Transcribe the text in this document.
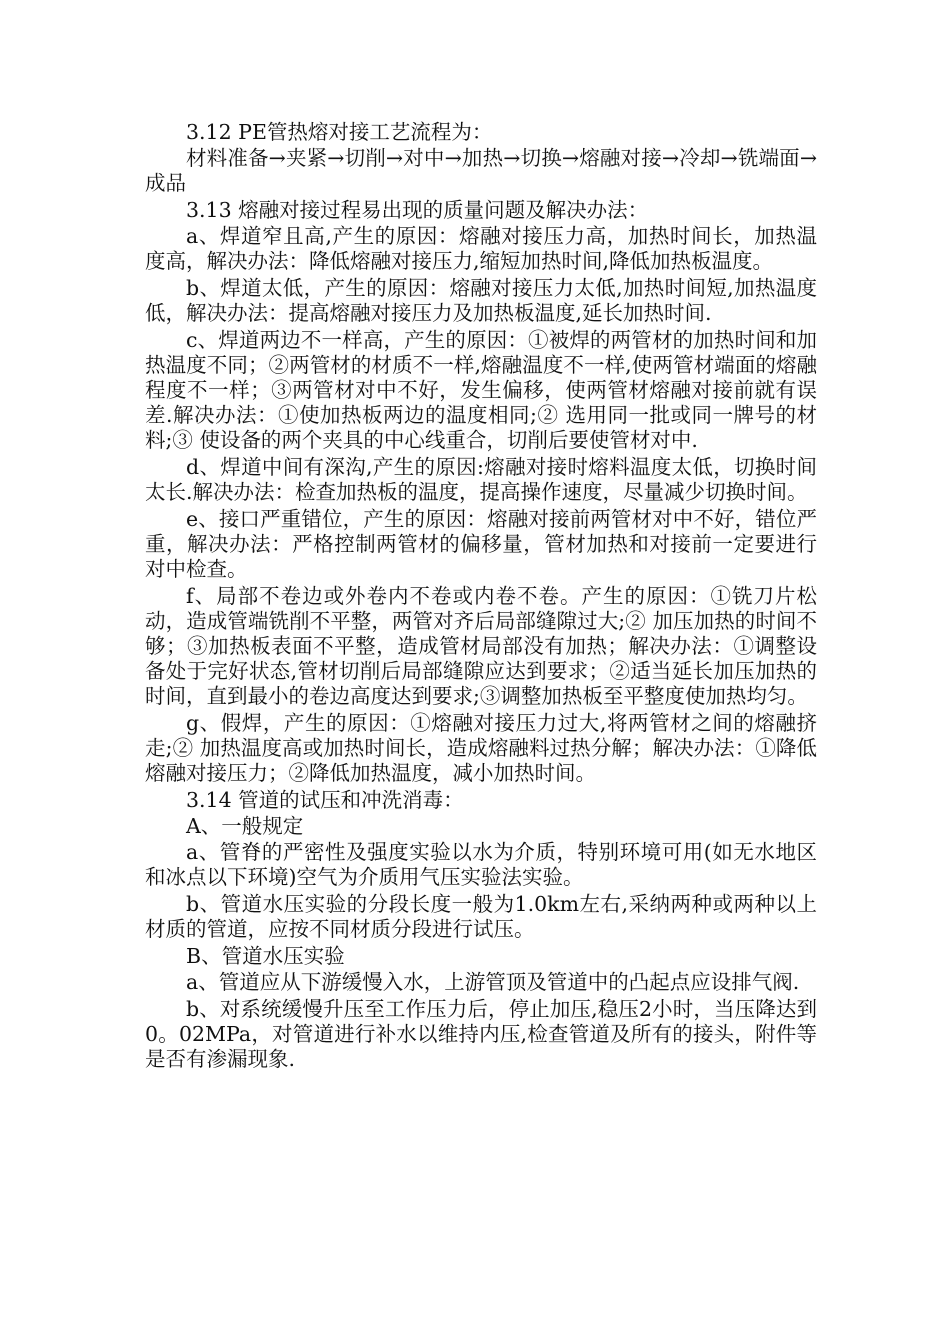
3.12 PE管热熔对接工艺流程为：

材料准备→夹紧→切削→对中→加热→切换→熔融对接→冷却→铣端面→成品

3.13 熔融对接过程易出现的质量问题及解决办法：

a、焊道窄且高,产生的原因：熔融对接压力高，加热时间长，加热温度高，解决办法：降低熔融对接压力,缩短加热时间,降低加热板温度。

b、焊道太低，产生的原因：熔融对接压力太低,加热时间短,加热温度低，解决办法：提高熔融对接压力及加热板温度,延长加热时间.

c、焊道两边不一样高，产生的原因：①被焊的两管材的加热时间和加热温度不同；②两管材的材质不一样,熔融温度不一样,使两管材端面的熔融程度不一样；③两管材对中不好，发生偏移，使两管材熔融对接前就有误差.解决办法：①使加热板两边的温度相同;② 选用同一批或同一牌号的材料;③ 使设备的两个夹具的中心线重合，切削后要使管材对中.

d、焊道中间有深沟,产生的原因:熔融对接时熔料温度太低，切换时间太长.解决办法：检查加热板的温度，提高操作速度，尽量减少切换时间。

e、接口严重错位，产生的原因：熔融对接前两管材对中不好，错位严重，解决办法：严格控制两管材的偏移量，管材加热和对接前一定要进行对中检查。

f、局部不卷边或外卷内不卷或内卷不卷。产生的原因：①铣刀片松动，造成管端铣削不平整，两管对齐后局部缝隙过大;② 加压加热的时间不够；③加热板表面不平整，造成管材局部没有加热；解决办法：①调整设备处于完好状态,管材切削后局部缝隙应达到要求；②适当延长加压加热的时间，直到最小的卷边高度达到要求;③调整加热板至平整度使加热均匀。

g、假焊，产生的原因：①熔融对接压力过大,将两管材之间的熔融挤走;② 加热温度高或加热时间长，造成熔融料过热分解；解决办法：①降低熔融对接压力；②降低加热温度，减小加热时间。

3.14 管道的试压和冲洗消毒：

A、一般规定

a、管脊的严密性及强度实验以水为介质，特别环境可用(如无水地区和冰点以下环境)空气为介质用气压实验法实验。

b、管道水压实验的分段长度一般为1.0km左右,采纳两种或两种以上材质的管道，应按不同材质分段进行试压。

B、管道水压实验

a、管道应从下游缓慢入水，上游管顶及管道中的凸起点应设排气阀.

b、对系统缓慢升压至工作压力后，停止加压,稳压2小时，当压降达到0。02MPa，对管道进行补水以维持内压,检查管道及所有的接头，附件等是否有渗漏现象.
